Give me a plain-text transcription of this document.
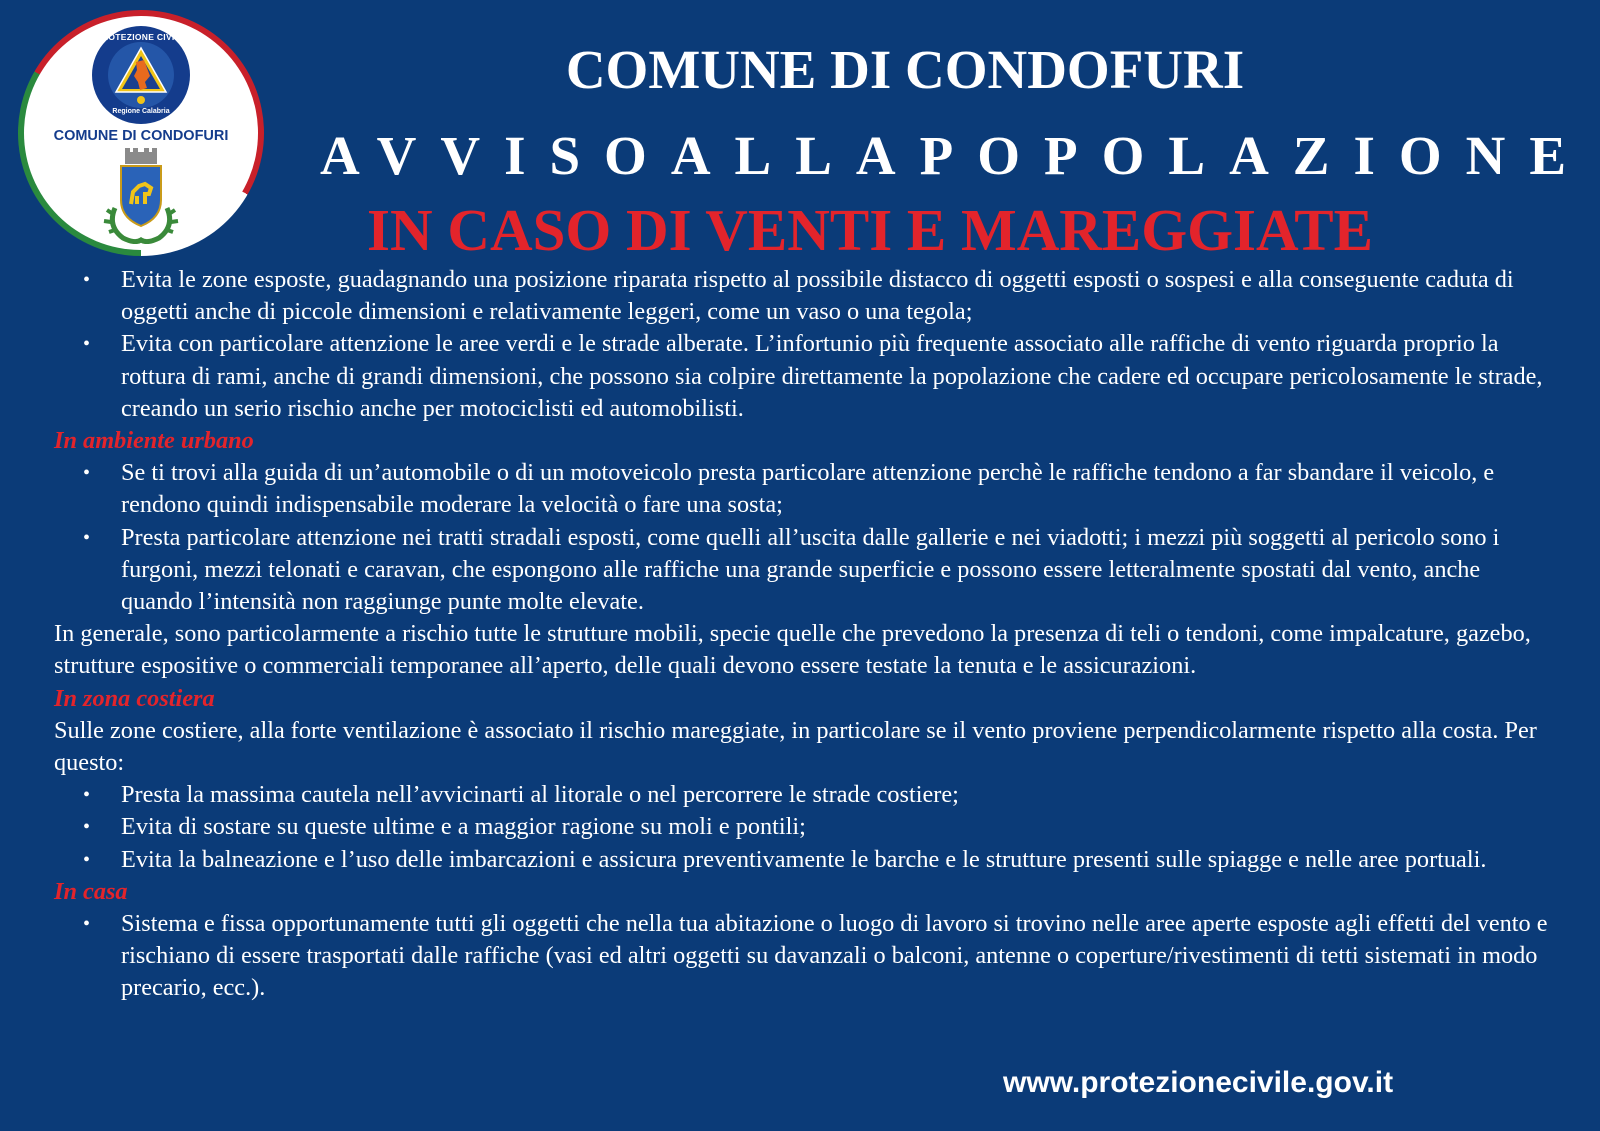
PROTEZIONE CIVILE
Regione Calabria
COMUNE DI CONDOFURI
COMUNE DI CONDOFURI
AVVISOALLAPOPOLAZIONE
IN CASO DI VENTI E MAREGGIATE
• Evita le zone esposte, guadagnando una posizione riparata rispetto al possibile distacco di oggetti esposti o sospesi e alla conseguente caduta di oggetti anche di piccole dimensioni e relativamente leggeri, come un vaso o una tegola;
• Evita con particolare attenzione le aree verdi e le strade alberate. L’infortunio più frequente associato alle raffiche di vento riguarda proprio la rottura di rami, anche di grandi dimensioni, che possono sia colpire direttamente la popolazione che cadere ed occupare pericolosamente le strade, creando un serio rischio anche per motociclisti ed automobilisti.
In ambiente urbano
• Se ti trovi alla guida di un’automobile o di un motoveicolo presta particolare attenzione perchè le raffiche tendono a far sbandare il veicolo, e rendono quindi indispensabile moderare la velocità o fare una sosta;
• Presta particolare attenzione nei tratti stradali esposti, come quelli all’uscita dalle gallerie e nei viadotti; i mezzi più soggetti al pericolo sono i furgoni, mezzi telonati e caravan, che espongono alle raffiche una grande superficie e possono essere letteralmente spostati dal vento, anche quando l’intensità non raggiunge punte molte elevate.

In generale, sono particolarmente a rischio tutte le strutture mobili, specie quelle che prevedono la presenza di teli o tendoni, come impalcature, gazebo, strutture espositive o commerciali temporanee all’aperto, delle quali devono essere testate la tenuta e le assicurazioni.

In zona costiera

Sulle zone costiere, alla forte ventilazione è associato il rischio mareggiate, in particolare se il vento proviene perpendicolarmente rispetto alla costa. Per questo:

• Presta la massima cautela nell’avvicinarti al litorale o nel percorrere le strade costiere;
• Evita di sostare su queste ultime e a maggior ragione su moli e pontili;
• Evita la balneazione e l’uso delle imbarcazioni e assicura preventivamente le barche e le strutture presenti sulle spiagge e nelle aree portuali.
In casa
• Sistema e fissa opportunamente tutti gli oggetti che nella tua abitazione o luogo di lavoro si trovino nelle aree aperte esposte agli effetti del vento e rischiano di essere trasportati dalle raffiche (vasi ed altri oggetti su davanzali o balconi, antenne o coperture/rivestimenti di tetti sistemati in modo precario, ecc.).
www.protezionecivile.gov.it
